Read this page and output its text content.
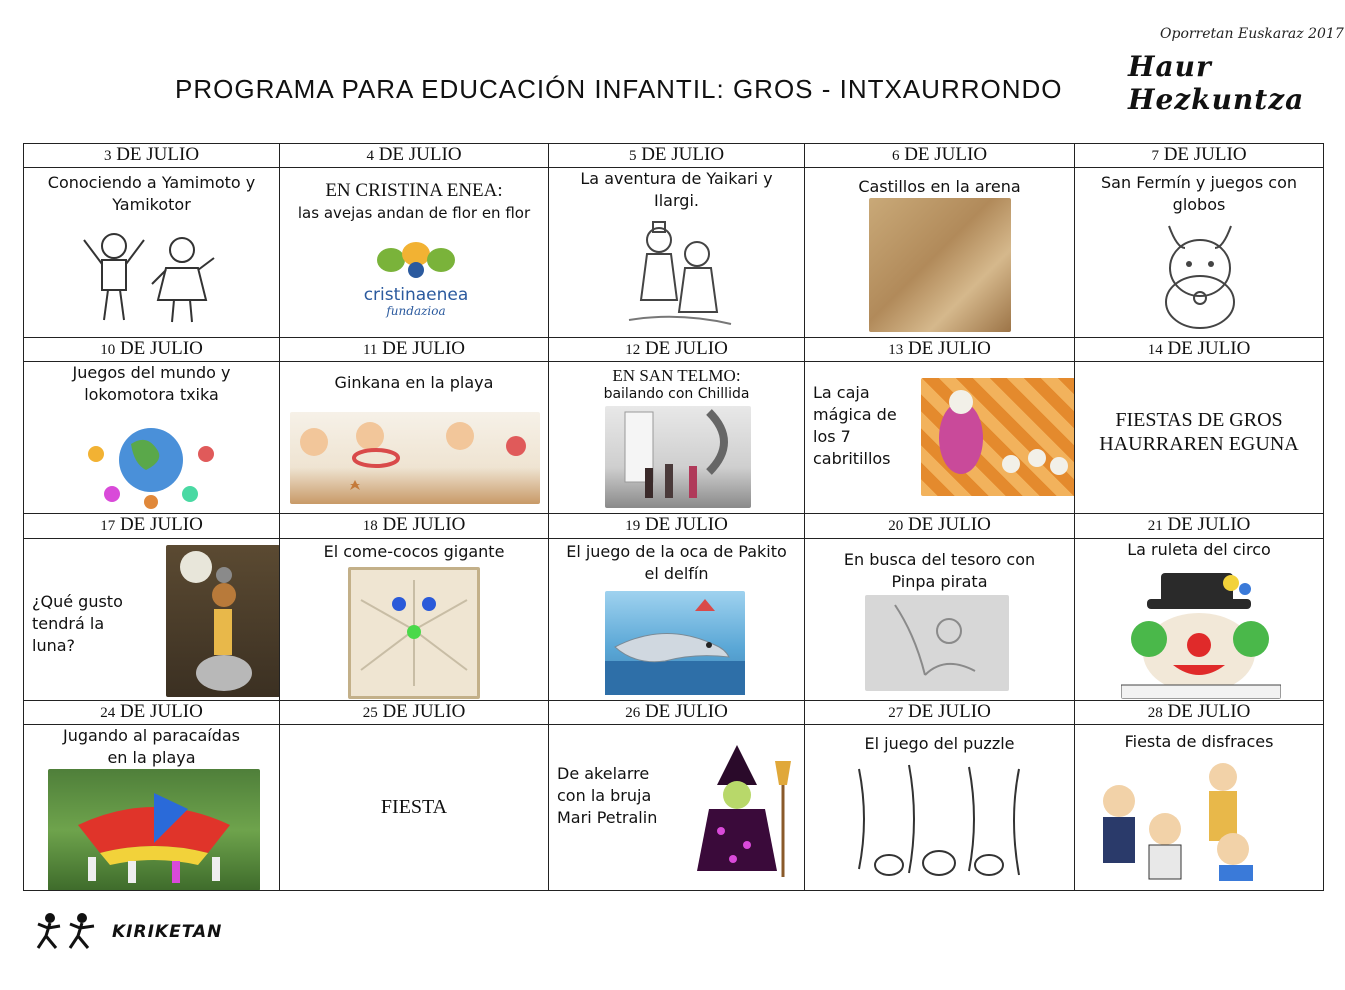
Oporretan Euskaraz 2017
Haur Hezkuntza
PROGRAMA PARA EDUCACIÓN INFANTIL: GROS - INTXAURRONDO
3 DE JULIO	4 DE JULIO	5 DE JULIO	6 DE JULIO	7 DE JULIO

Conociendo a Yamimoto y Yamikotor	EN CRISTINA ENEA:
las avejas andan de flor en flor
cristinaenea
fundazioa	La aventura de Yaikari y Ilargi.	Castillos en la arena	San Fermín y juegos con globos

10 DE JULIO	11 DE JULIO	12 DE JULIO	13 DE JULIO	14 DE JULIO

Juegos del mundo y lokomotora txika	Ginkana en la playa	EN SAN TELMO:
bailando con Chillida	La caja mágica de los 7 cabritillos	FIESTAS DE GROS HAURRAREN EGUNA

17 DE JULIO	18 DE JULIO	19 DE JULIO	20 DE JULIO	21 DE JULIO

¿Qué gusto tendrá la luna?	El come-cocos gigante	El juego de la oca de Pakito el delfín	En busca del tesoro con Pinpa pirata	La ruleta del circo

24 DE JULIO	25 DE JULIO	26 DE JULIO	27 DE JULIO	28 DE JULIO

Jugando al paracaídas en la playa	FIESTA	De akelarre con la bruja Mari Petralin	El juego del puzzle	Fiesta de disfraces
KIRIKETAN
